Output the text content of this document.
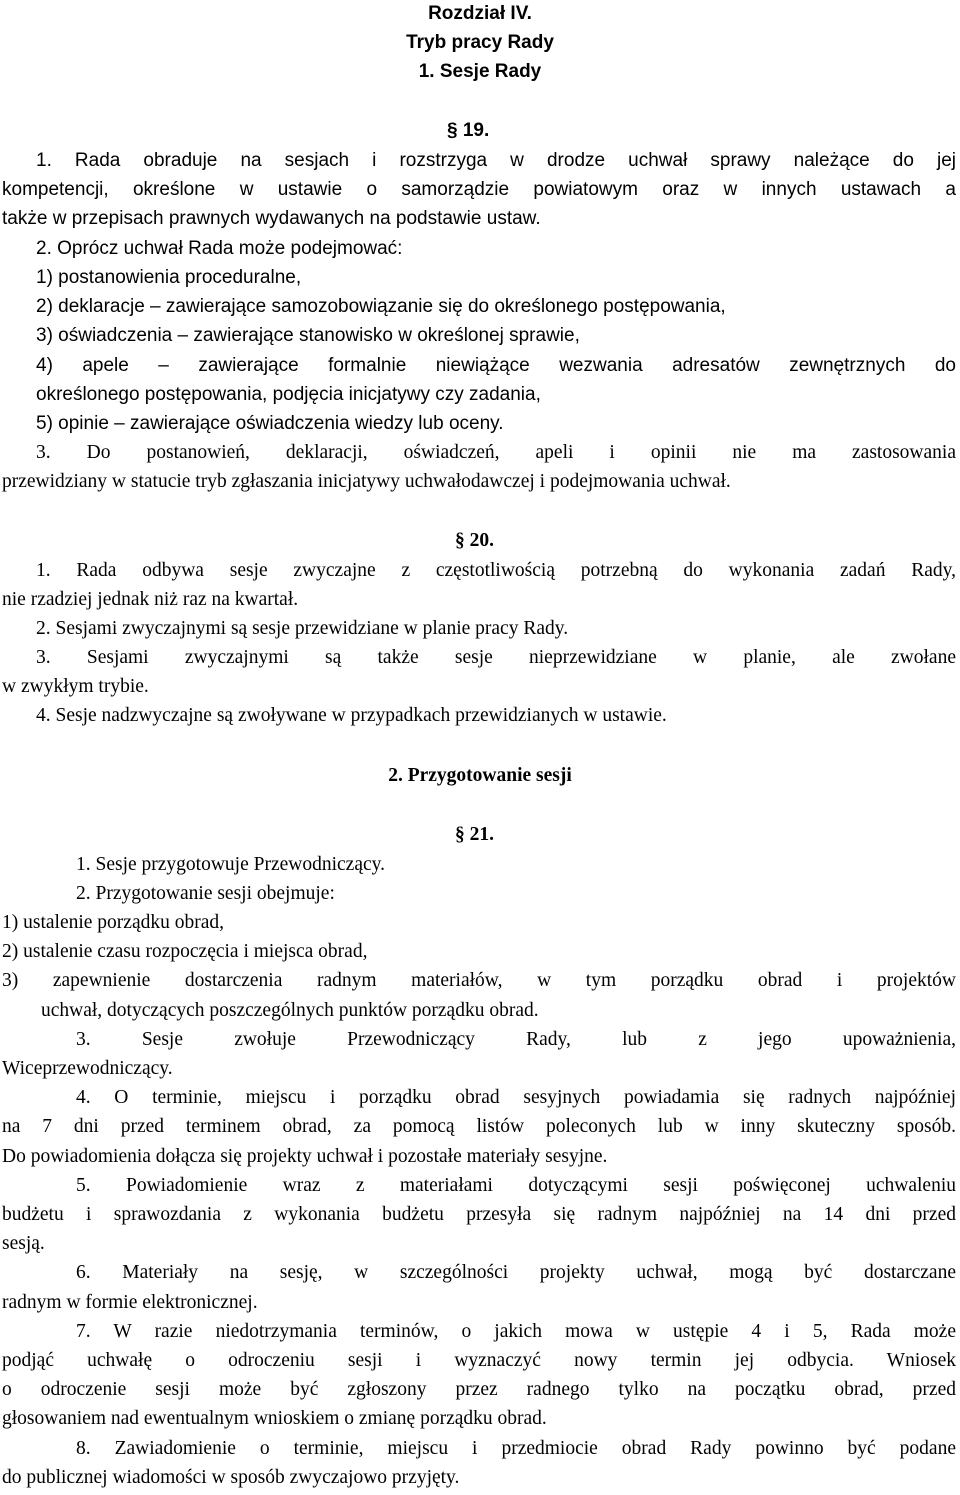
Rozdział IV.
Tryb pracy Rady
1. Sesje Rady
§ 19.
1. Rada obraduje na sesjach i rozstrzyga w drodze uchwał sprawy należące do jej
kompetencji, określone w ustawie o samorządzie powiatowym oraz w innych ustawach a
także w przepisach prawnych wydawanych na podstawie ustaw.
2. Oprócz uchwał Rada może podejmować:
1) postanowienia proceduralne,
2) deklaracje – zawierające samozobowiązanie się do określonego postępowania,
3) oświadczenia – zawierające stanowisko w określonej sprawie,
4) apele – zawierające formalnie niewiążące wezwania adresatów zewnętrznych do
określonego postępowania, podjęcia inicjatywy czy zadania,
5) opinie – zawierające oświadczenia wiedzy lub oceny.
3. Do postanowień, deklaracji, oświadczeń, apeli i opinii nie ma zastosowania
przewidziany w statucie tryb zgłaszania inicjatywy uchwałodawczej i podejmowania uchwał.
§ 20.
1. Rada odbywa sesje zwyczajne z częstotliwością potrzebną do wykonania zadań Rady,
nie rzadziej jednak niż raz na kwartał.
2. Sesjami zwyczajnymi są sesje przewidziane w planie pracy Rady.
3. Sesjami zwyczajnymi są także sesje nieprzewidziane w planie, ale zwołane
w zwykłym trybie.
4. Sesje nadzwyczajne są zwoływane w przypadkach przewidzianych w ustawie.
2. Przygotowanie sesji
§ 21.
1. Sesje przygotowuje Przewodniczący.
2. Przygotowanie sesji obejmuje:
1) ustalenie porządku obrad,
2) ustalenie czasu rozpoczęcia i miejsca obrad,
3) zapewnienie dostarczenia radnym materiałów, w tym porządku obrad i projektów
uchwał, dotyczących poszczególnych punktów porządku obrad.
3. Sesje zwołuje Przewodniczący Rady, lub z jego upoważnienia,
Wiceprzewodniczący.
4. O terminie, miejscu i porządku obrad sesyjnych powiadamia się radnych najpóźniej
na 7 dni przed terminem obrad, za pomocą listów poleconych lub w inny skuteczny sposób.
Do powiadomienia dołącza się projekty uchwał i pozostałe materiały sesyjne.
5. Powiadomienie wraz z materiałami dotyczącymi sesji poświęconej uchwaleniu
budżetu i sprawozdania z wykonania budżetu przesyła się radnym najpóźniej na 14 dni przed
sesją.
6. Materiały na sesję, w szczególności projekty uchwał, mogą być dostarczane
radnym w formie elektronicznej.
7. W razie niedotrzymania terminów, o jakich mowa w ustępie 4 i 5, Rada może
podjąć uchwałę o odroczeniu sesji i wyznaczyć nowy termin jej odbycia. Wniosek
o odroczenie sesji może być zgłoszony przez radnego tylko na początku obrad, przed
głosowaniem nad ewentualnym wnioskiem o zmianę porządku obrad.
8. Zawiadomienie o terminie, miejscu i przedmiocie obrad Rady powinno być podane
do publicznej wiadomości w sposób zwyczajowo przyjęty.
